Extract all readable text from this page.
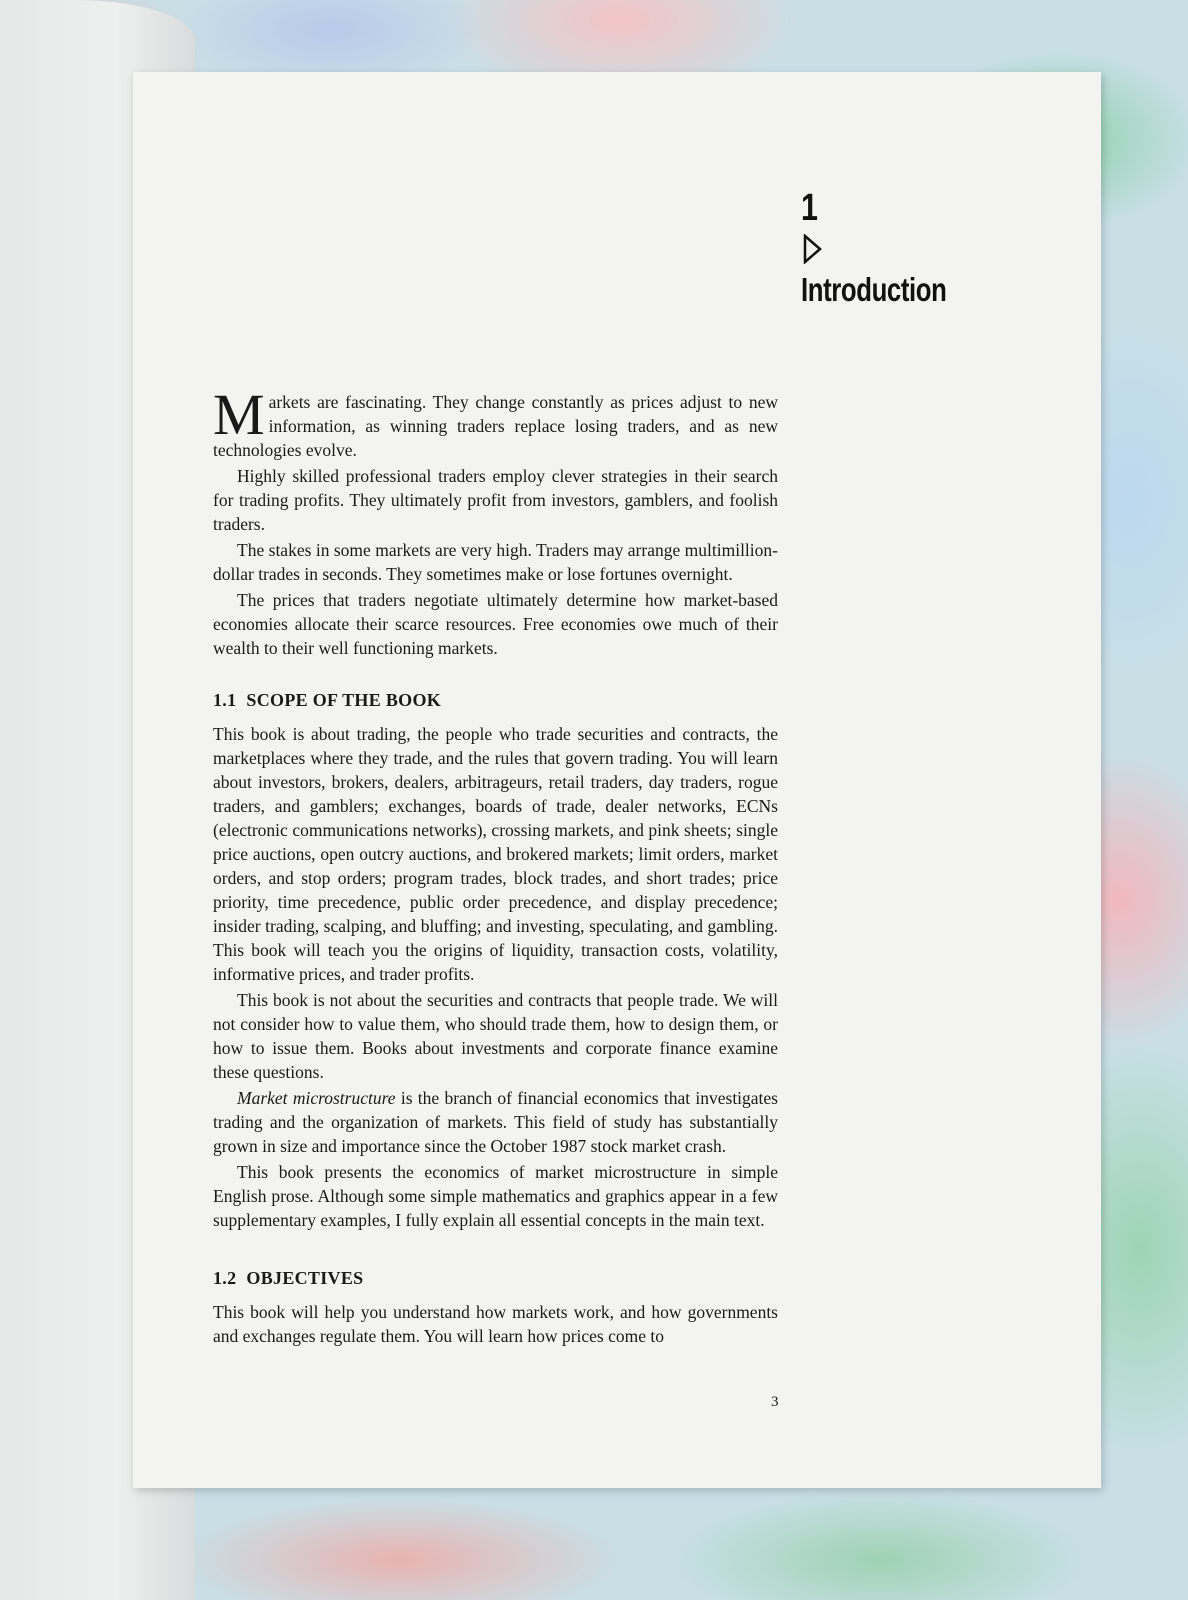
1
Introduction

Markets are fascinating. They change constantly as prices adjust to new information, as winning traders replace losing traders, and as new technologies evolve.

Highly skilled professional traders employ clever strategies in their search for trading profits. They ultimately profit from investors, gamblers, and foolish traders.

The stakes in some markets are very high. Traders may arrange multimillion-dollar trades in seconds. They sometimes make or lose fortunes overnight.

The prices that traders negotiate ultimately determine how market-based economies allocate their scarce resources. Free economies owe much of their wealth to their well functioning markets.

1.1 SCOPE OF THE BOOK

This book is about trading, the people who trade securities and contracts, the marketplaces where they trade, and the rules that govern trading. You will learn about investors, brokers, dealers, arbitrageurs, retail traders, day traders, rogue traders, and gamblers; exchanges, boards of trade, dealer networks, ECNs (electronic communications networks), crossing markets, and pink sheets; single price auctions, open outcry auctions, and brokered markets; limit orders, market orders, and stop orders; program trades, block trades, and short trades; price priority, time precedence, public order precedence, and display precedence; insider trading, scalping, and bluffing; and investing, speculating, and gambling. This book will teach you the origins of liquidity, transaction costs, volatility, informative prices, and trader profits.

This book is not about the securities and contracts that people trade. We will not consider how to value them, who should trade them, how to design them, or how to issue them. Books about investments and corporate finance examine these questions.

Market microstructure is the branch of financial economics that investigates trading and the organization of markets. This field of study has substantially grown in size and importance since the October 1987 stock market crash.

This book presents the economics of market microstructure in simple English prose. Although some simple mathematics and graphics appear in a few supplementary examples, I fully explain all essential concepts in the main text.

1.2 OBJECTIVES

This book will help you understand how markets work, and how governments and exchanges regulate them. You will learn how prices come to

3
